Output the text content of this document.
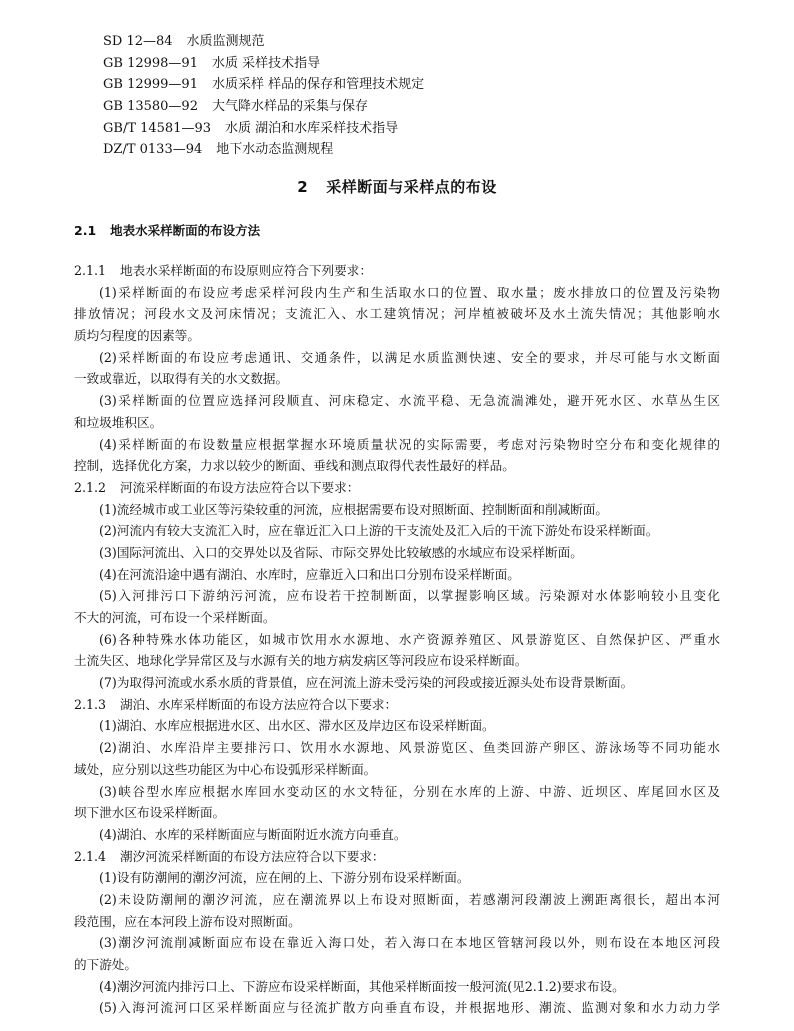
SD 12—84 水质监测规范
GB 12998—91 水质 采样技术指导
GB 12999—91 水质采样 样品的保存和管理技术规定
GB 13580—92 大气降水样品的采集与保存
GB/T 14581—93 水质 湖泊和水库采样技术指导
DZ/T 0133—94 地下水动态监测规程
2 采样断面与采样点的布设
2.1 地表水采样断面的布设方法
2.1.1 地表水采样断面的布设原则应符合下列要求：
(1)采样断面的布设应考虑采样河段内生产和生活取水口的位置、取水量；废水排放口的位置及污染物
排放情况；河段水文及河床情况；支流汇入、水工建筑情况；河岸植被破坏及水土流失情况；其他影响水
质均匀程度的因素等。
(2)采样断面的布设应考虑通讯、交通条件，以满足水质监测快速、安全的要求，并尽可能与水文断面
一致或靠近，以取得有关的水文数据。
(3)采样断面的位置应选择河段顺直、河床稳定、水流平稳、无急流湍滩处，避开死水区、水草丛生区
和垃圾堆积区。
(4)采样断面的布设数量应根据掌握水环境质量状况的实际需要，考虑对污染物时空分布和变化规律的
控制，选择优化方案，力求以较少的断面、垂线和测点取得代表性最好的样品。
2.1.2 河流采样断面的布设方法应符合以下要求：
(1)流经城市或工业区等污染较重的河流，应根据需要布设对照断面、控制断面和削减断面。
(2)河流内有较大支流汇入时，应在靠近汇入口上游的干支流处及汇入后的干流下游处布设采样断面。
(3)国际河流出、入口的交界处以及省际、市际交界处比较敏感的水域应布设采样断面。
(4)在河流沿途中遇有湖泊、水库时，应靠近入口和出口分别布设采样断面。
(5)入河排污口下游纳污河流，应布设若干控制断面，以掌握影响区域。污染源对水体影响较小且变化
不大的河流，可布设一个采样断面。
(6)各种特殊水体功能区，如城市饮用水水源地、水产资源养殖区、风景游览区、自然保护区、严重水
土流失区、地球化学异常区及与水源有关的地方病发病区等河段应布设采样断面。
(7)为取得河流或水系水质的背景值，应在河流上游未受污染的河段或接近源头处布设背景断面。
2.1.3 湖泊、水库采样断面的布设方法应符合以下要求：
(1)湖泊、水库应根据进水区、出水区、滞水区及岸边区布设采样断面。
(2)湖泊、水库沿岸主要排污口、饮用水水源地、风景游览区、鱼类回游产卵区、游泳场等不同功能水
域处，应分别以这些功能区为中心布设弧形采样断面。
(3)峡谷型水库应根据水库回水变动区的水文特征，分别在水库的上游、中游、近坝区、库尾回水区及
坝下泄水区布设采样断面。
(4)湖泊、水库的采样断面应与断面附近水流方向垂直。
2.1.4 潮汐河流采样断面的布设方法应符合以下要求：
(1)设有防潮闸的潮汐河流，应在闸的上、下游分别布设采样断面。
(2)未设防潮闸的潮汐河流，应在潮流界以上布设对照断面，若感潮河段潮波上溯距离很长，超出本河
段范围，应在本河段上游布设对照断面。
(3)潮汐河流削减断面应布设在靠近入海口处，若入海口在本地区管辖河段以外，则布设在本地区河段
的下游处。
(4)潮汐河流内排污口上、下游应布设采样断面，其他采样断面按一般河流(见2.1.2)要求布设。
(5)入海河流河口区采样断面应与径流扩散方向垂直布设，并根据地形、潮流、监测对象和水力动力学
